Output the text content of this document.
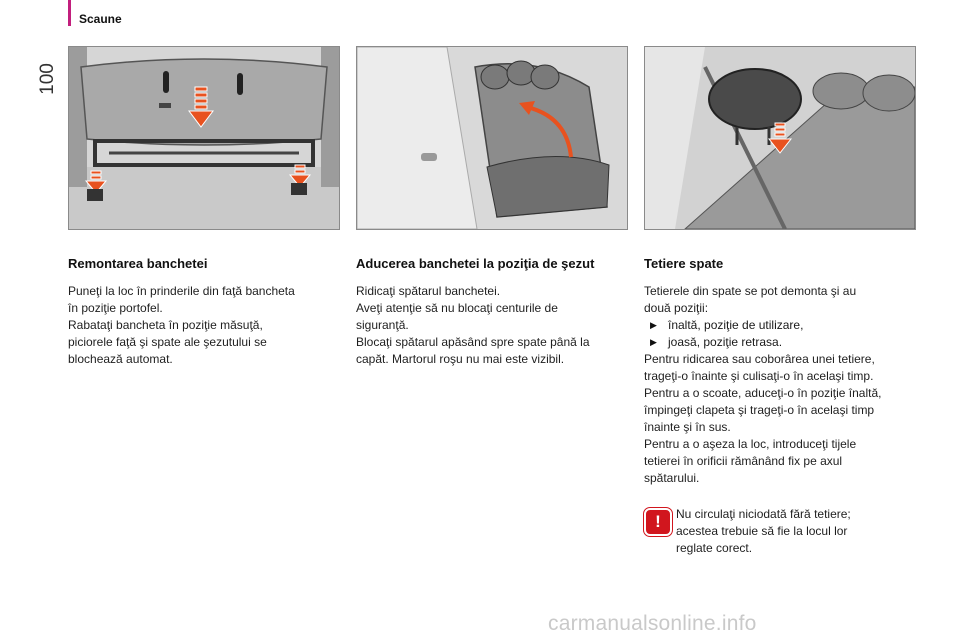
Scaune
100
Remontarea banchetei

Puneţi la loc în prinderile din faţă bancheta

în poziţie portofel.

Rabataţi bancheta în poziţie măsuţă,

piciorele faţă şi spate ale şezutului se

blochează automat.

Aducerea banchetei la poziţia de şezut

Ridicaţi spătarul banchetei.

Aveţi atenţie să nu blocaţi centurile de

siguranţă.

Blocaţi spătarul apăsând spre spate până la

capăt. Martorul roşu nu mai este vizibil.

Tetiere spate

Tetierele din spate se pot demonta şi au

două poziţii:

▶ înaltă, poziţie de utilizare,
▶ joasă, poziţie retrasa.

Pentru ridicarea sau coborârea unei tetiere,

trageţi-o înainte şi culisaţi-o în acelaşi timp.

Pentru a o scoate, aduceţi-o în poziţie înaltă,

împingeţi clapeta şi trageţi-o în acelaşi timp

înainte şi în sus.

Pentru a o aşeza la loc, introduceţi tijele

tetierei în orificii rămânând fix pe axul

spătarului.

!	Nu circulaţi niciodată fără tetiere;
acestea trebuie să fie la locul lor
reglate corect.
carmanualsonline.info
